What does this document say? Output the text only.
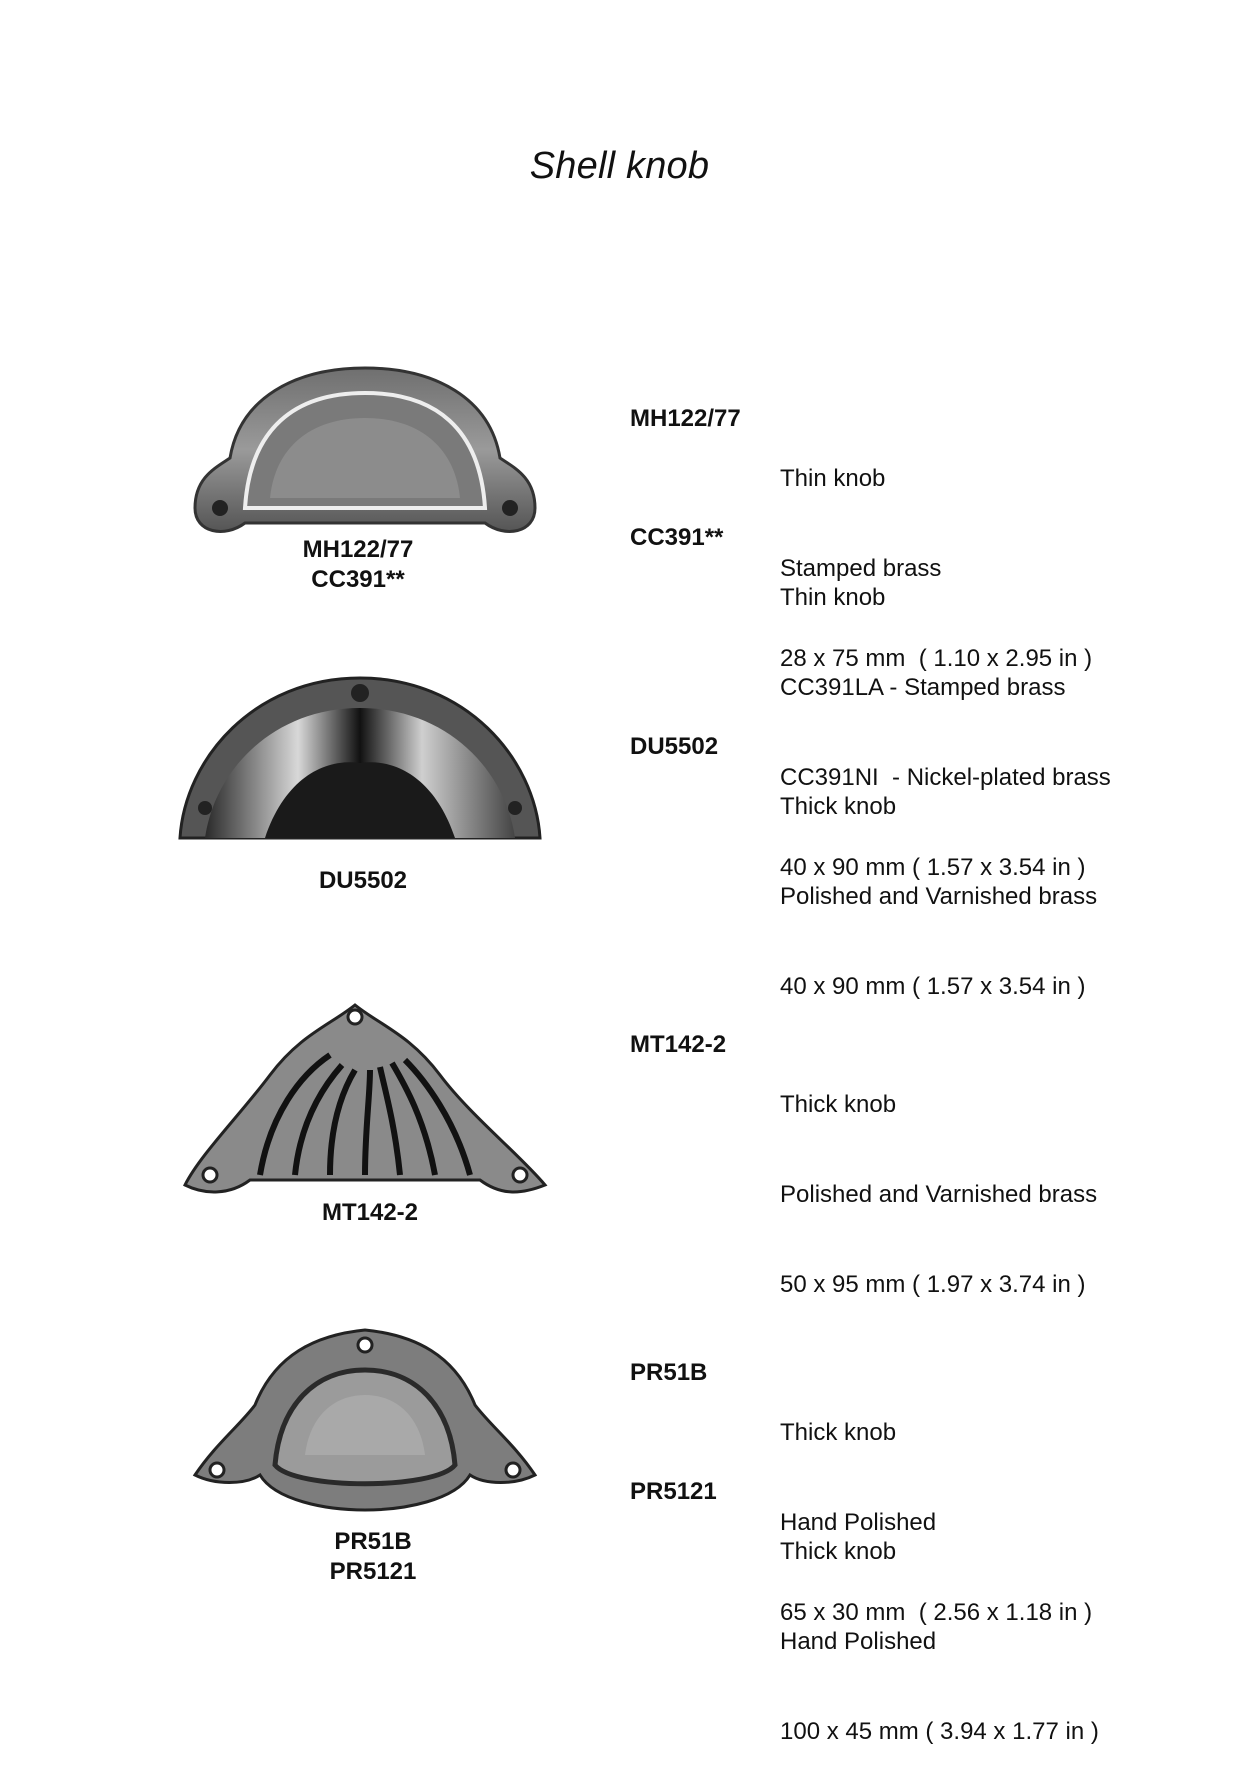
Shell knob
MH122/77
CC391**
DU5502
MT142-2
PR51B
PR5121
MH122/77

Thin knob

Stamped brass

28 x 75 mm  ( 1.10 x 2.95 in )

CC391**

Thin knob

CC391LA - Stamped brass

CC391NI  - Nickel-plated brass

40 x 90 mm ( 1.57 x 3.54 in )

DU5502

Thick knob

Polished and Varnished brass

40 x 90 mm ( 1.57 x 3.54 in )

MT142-2

Thick knob

Polished and Varnished brass

50 x 95 mm ( 1.97 x 3.74 in )

PR51B

Thick knob

Hand Polished

65 x 30 mm  ( 2.56 x 1.18 in )

PR5121

Thick knob

Hand Polished

100 x 45 mm ( 3.94 x 1.77 in )
